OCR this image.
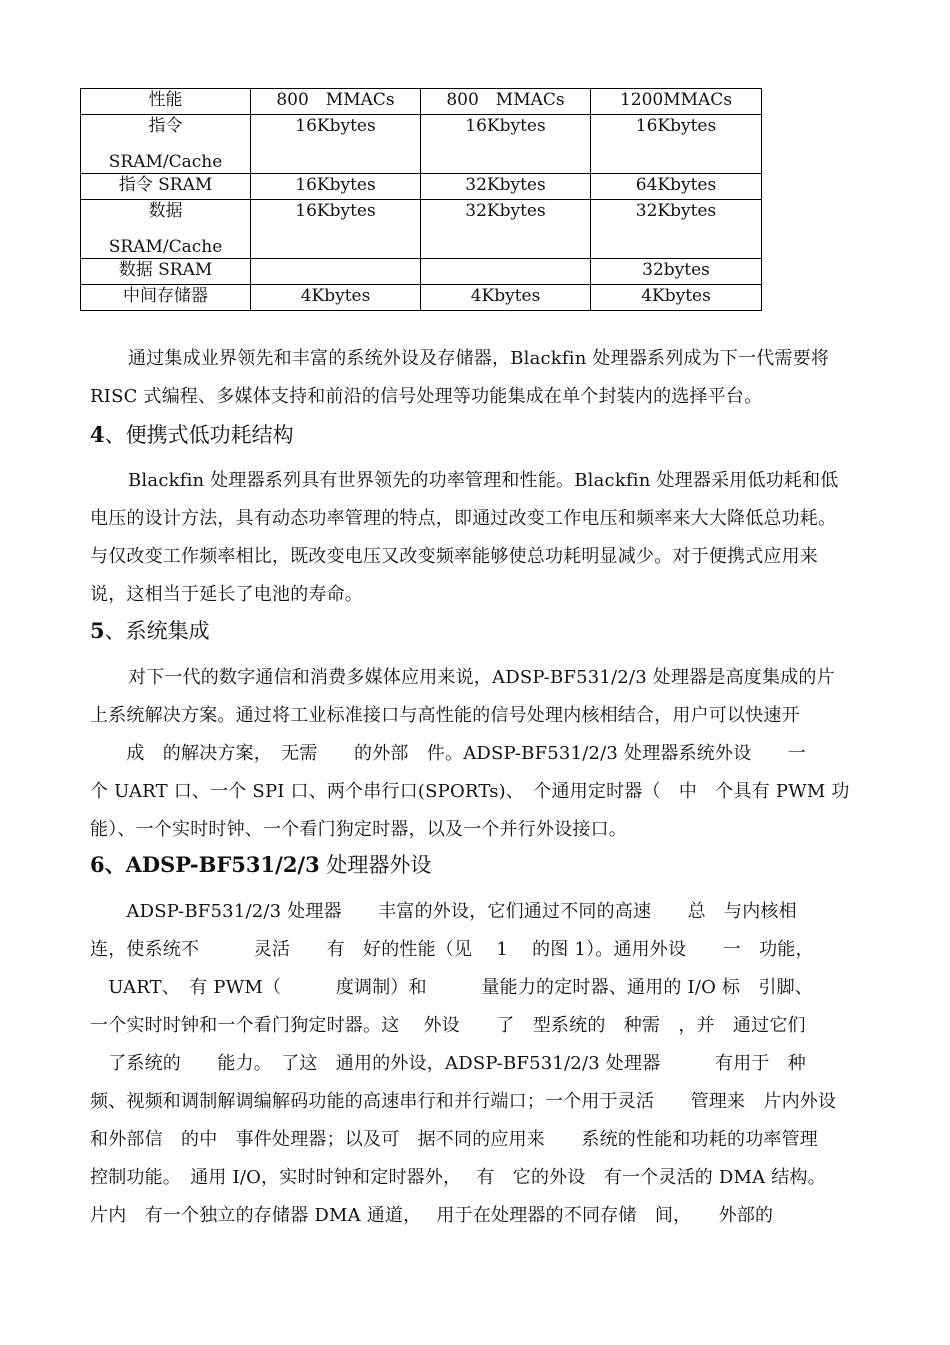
性能	800　MMACs	800　MMACs	1200MMACs

指令
SRAM/Cache	16Kbytes	16Kbytes	16Kbytes
指令 SRAM	16Kbytes	32Kbytes	64Kbytes

数据
SRAM/Cache	16Kbytes	32Kbytes	32Kbytes
数据 SRAM			32bytes
中间存储器	4Kbytes	4Kbytes	4Kbytes
通过集成业界领先和丰富的系统外设及存储器，Blackfin 处理器系列成为下一代需要将
RISC 式编程、多媒体支持和前沿的信号处理等功能集成在单个封装内的选择平台。
4、便携式低功耗结构
Blackfin 处理器系列具有世界领先的功率管理和性能。Blackfin 处理器采用低功耗和低
电压的设计方法，具有动态功率管理的特点，即通过改变工作电压和频率来大大降低总功耗。
与仅改变工作频率相比，既改变电压又改变频率能够使总功耗明显减少。对于便携式应用来
说，这相当于延长了电池的寿命。
5、系统集成
对下一代的数字通信和消费多媒体应用来说，ADSP-BF531/2/3 处理器是高度集成的片
上系统解决方案。通过将工业标准接口与高性能的信号处理内核相结合，用户可以快速开
　　成　的解决方案，　无需　　的外部　件。ADSP-BF531/2/3 处理器系统外设　　一
个 UART 口、一个 SPI 口、两个串行口(SPORTs)、　个通用定时器（　中　个具有 PWM 功
能）、一个实时时钟、一个看门狗定时器，以及一个并行外设接口。
6、ADSP-BF531/2/3 处理器外设
　　ADSP-BF531/2/3 处理器　　丰富的外设，它们通过不同的高速　　总　与内核相
连，使系统不　　　灵活　　有　好的性能（见　 1　 的图 1）。通用外设　　一　功能，
　UART、　有 PWM（　　　度调制）和　　　量能力的定时器、通用的 I/O 标　引脚、
一个实时时钟和一个看门狗定时器。这　 外设　　了　型系统的　种需　，并　通过它们
　了系统的　　能力。　了这　通用的外设，ADSP-BF531/2/3 处理器　　　有用于　种
频、视频和调制解调编解码功能的高速串行和并行端口；一个用于灵活　　管理来　片内外设
和外部信　的中　事件处理器；以及可　据不同的应用来　　系统的性能和功耗的功率管理
控制功能。　通用 I/O，实时时钟和定时器外，　 有　它的外设　有一个灵活的 DMA 结构。
片内　有一个独立的存储器 DMA 通道，　 用于在处理器的不同存储　间，　　外部的
